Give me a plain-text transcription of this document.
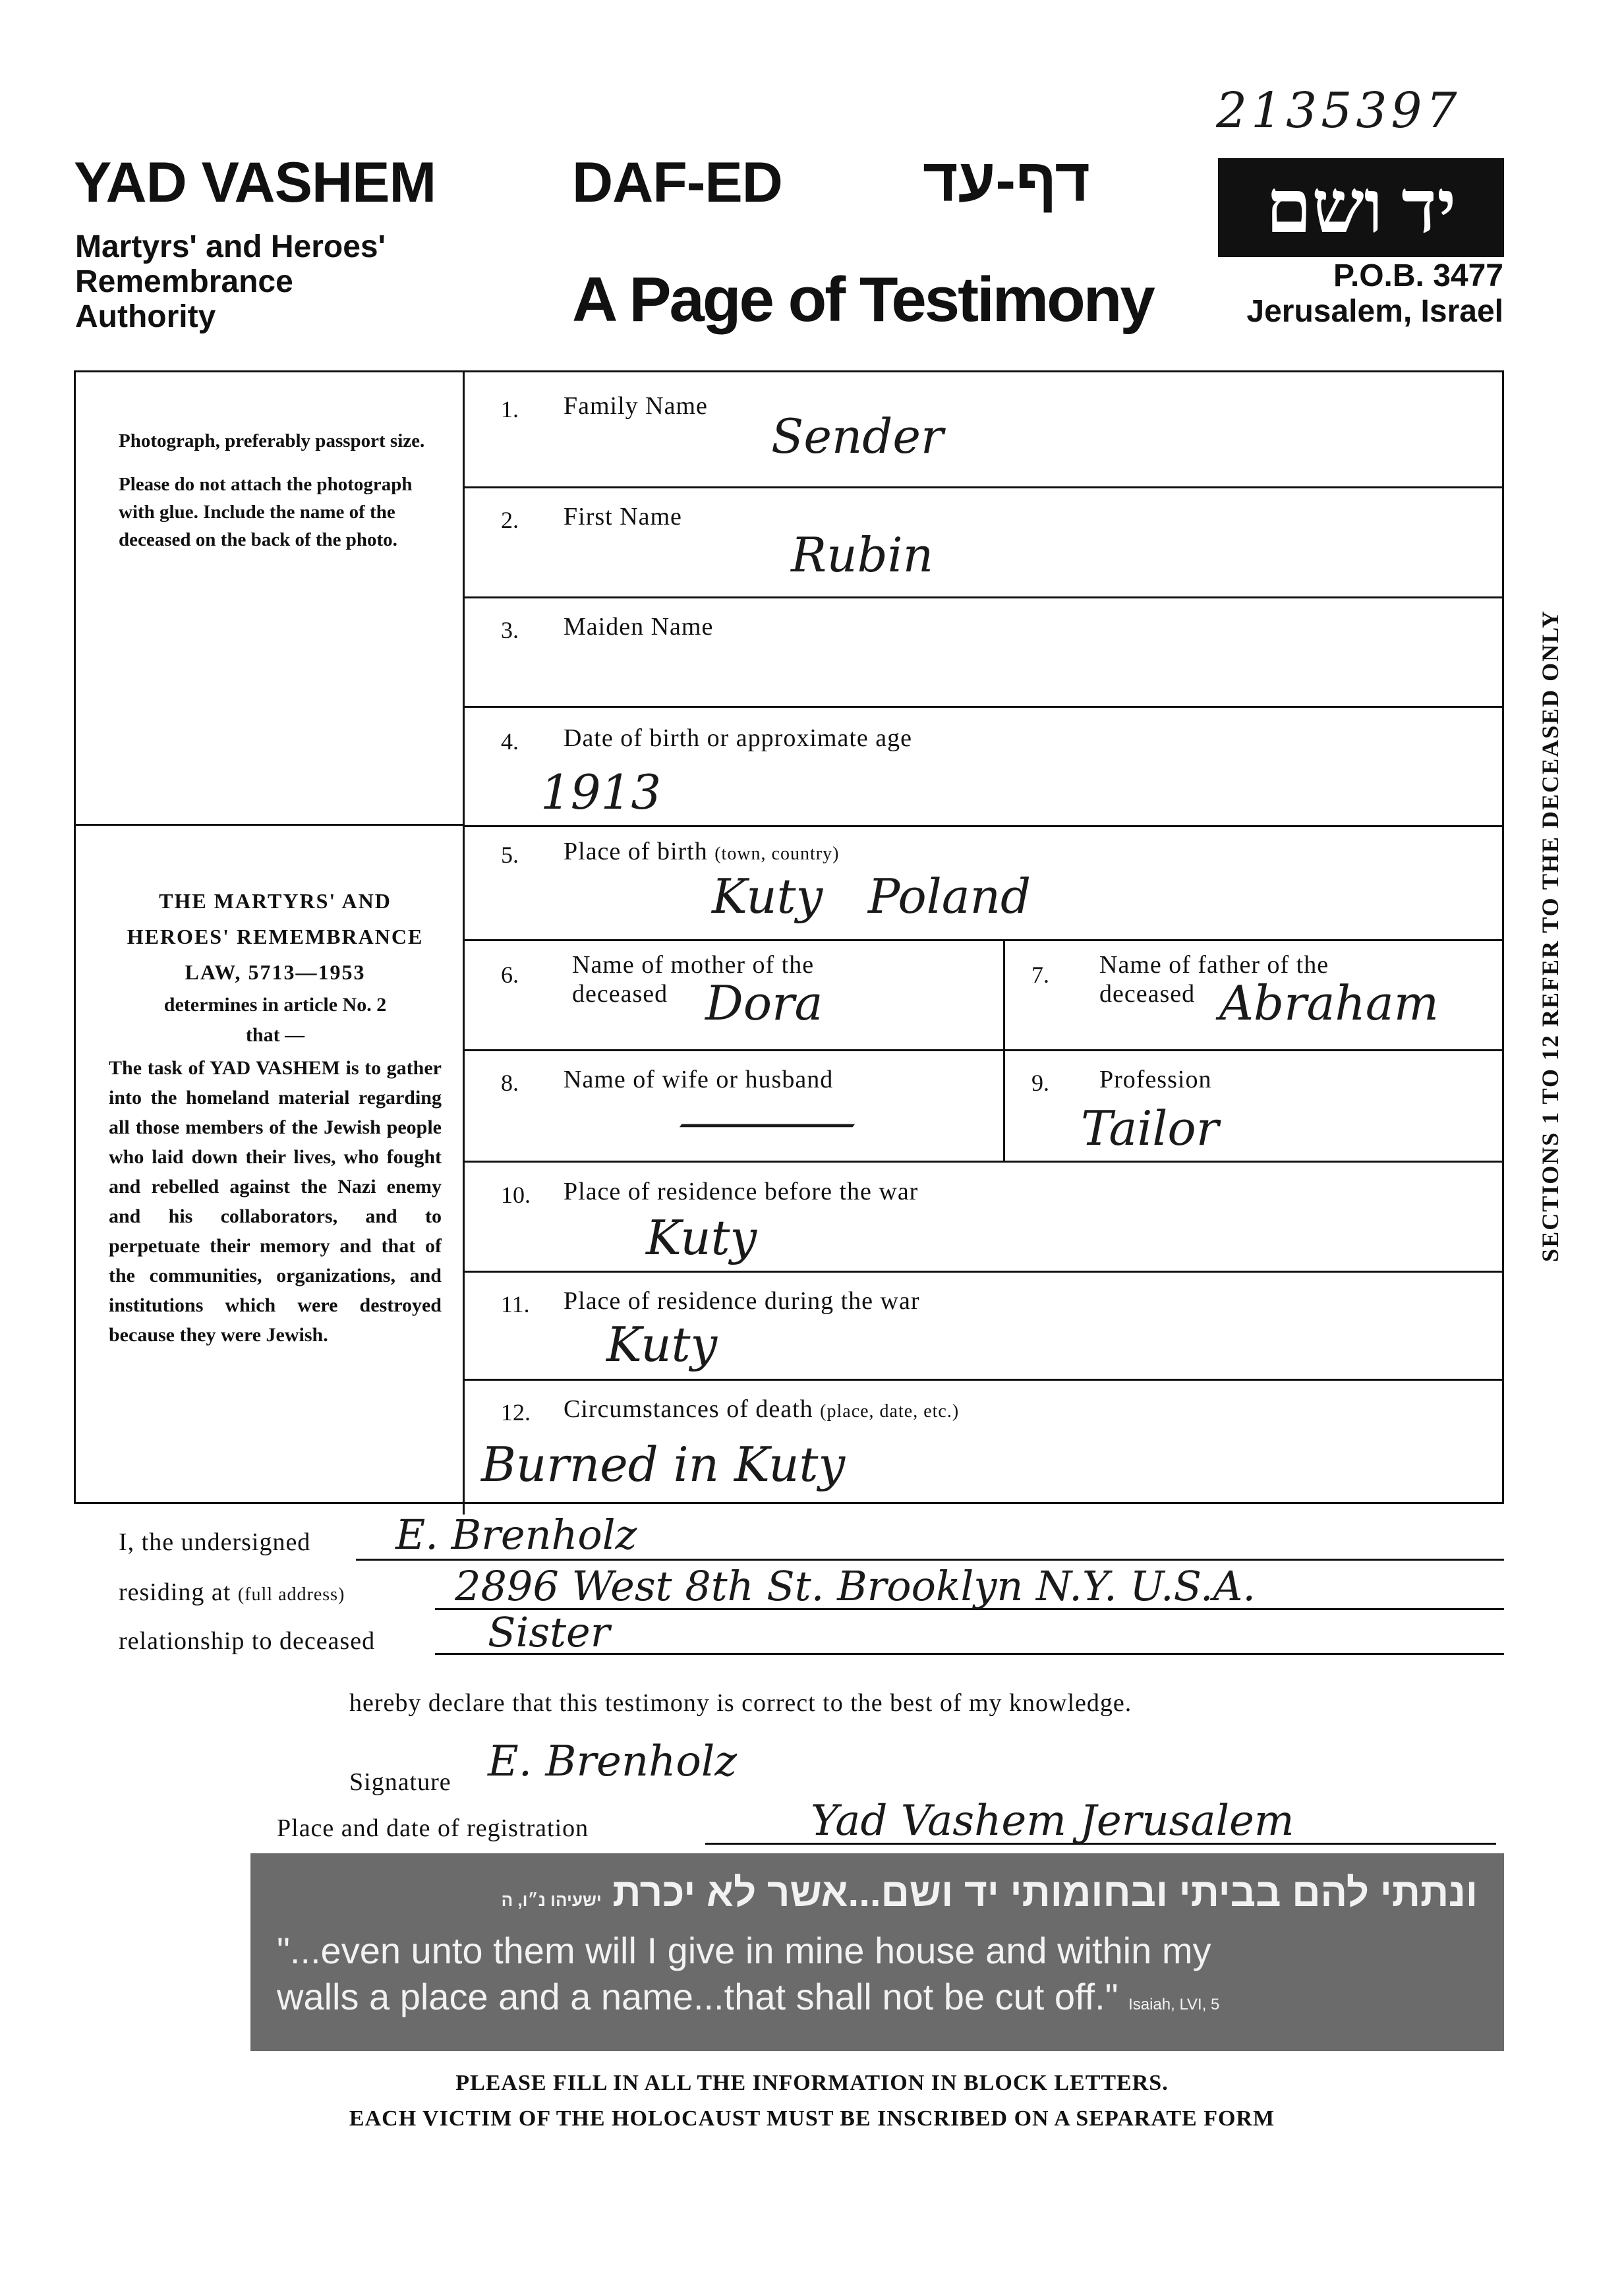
2135397
YAD VASHEM
Martyrs' and Heroes'
Remembrance
Authority
DAF-ED דף-עד
A Page of Testimony
יד ושם
P.O.B. 3477
Jerusalem, Israel

Photograph, preferably passport size.

Please do not attach the photograph with glue. Include the name of the deceased on the back of the photo.

THE MARTYRS' AND
HEROES' REMEMBRANCE
LAW, 5713—1953
determines in article No. 2
that —
The task of YAD VASHEM is to gather into the homeland material regarding all those members of the Jewish people who laid down their lives, who fought and rebelled against the Nazi enemy and his collaborators, and to perpetuate their memory and that of the communities, organizations, and institutions which were destroyed because they were Jewish.
1. Family Name
Sender
2. First Name
Rubin
3. Maiden Name
4. Date of birth or approximate age
1913
5. Place of birth (town, country)
Kuty   Poland
6. Name of mother of the
deceased Dora
7. Name of father of the
deceased Abraham
8. Name of wife or husband
—
9. Profession
Tailor
10. Place of residence before the war
Kuty
11. Place of residence during the war
Kuty
12. Circumstances of death (place, date, etc.)
Burned in Kuty
I, the undersigned E. Brenholz
residing at (full address)	2896 West 8th St. Brooklyn N.Y. U.S.A.
relationship to deceased	Sister
hereby declare that this testimony is correct to the best of my knowledge.
Signature E. Brenholz
Place and date of registration	Yad Vashem Jerusalem
ונתתי להם בביתי ובחומותי יד ושם...אשר לא יכרת ישעיהו נ״ו, ה
"...even unto them will I give in mine house and within my
walls a place and a name...that shall not be cut off." Isaiah, LVI, 5
PLEASE FILL IN ALL THE INFORMATION IN BLOCK LETTERS.
EACH VICTIM OF THE HOLOCAUST MUST BE INSCRIBED ON A SEPARATE FORM
SECTIONS 1 TO 12 REFER TO THE DECEASED ONLY
